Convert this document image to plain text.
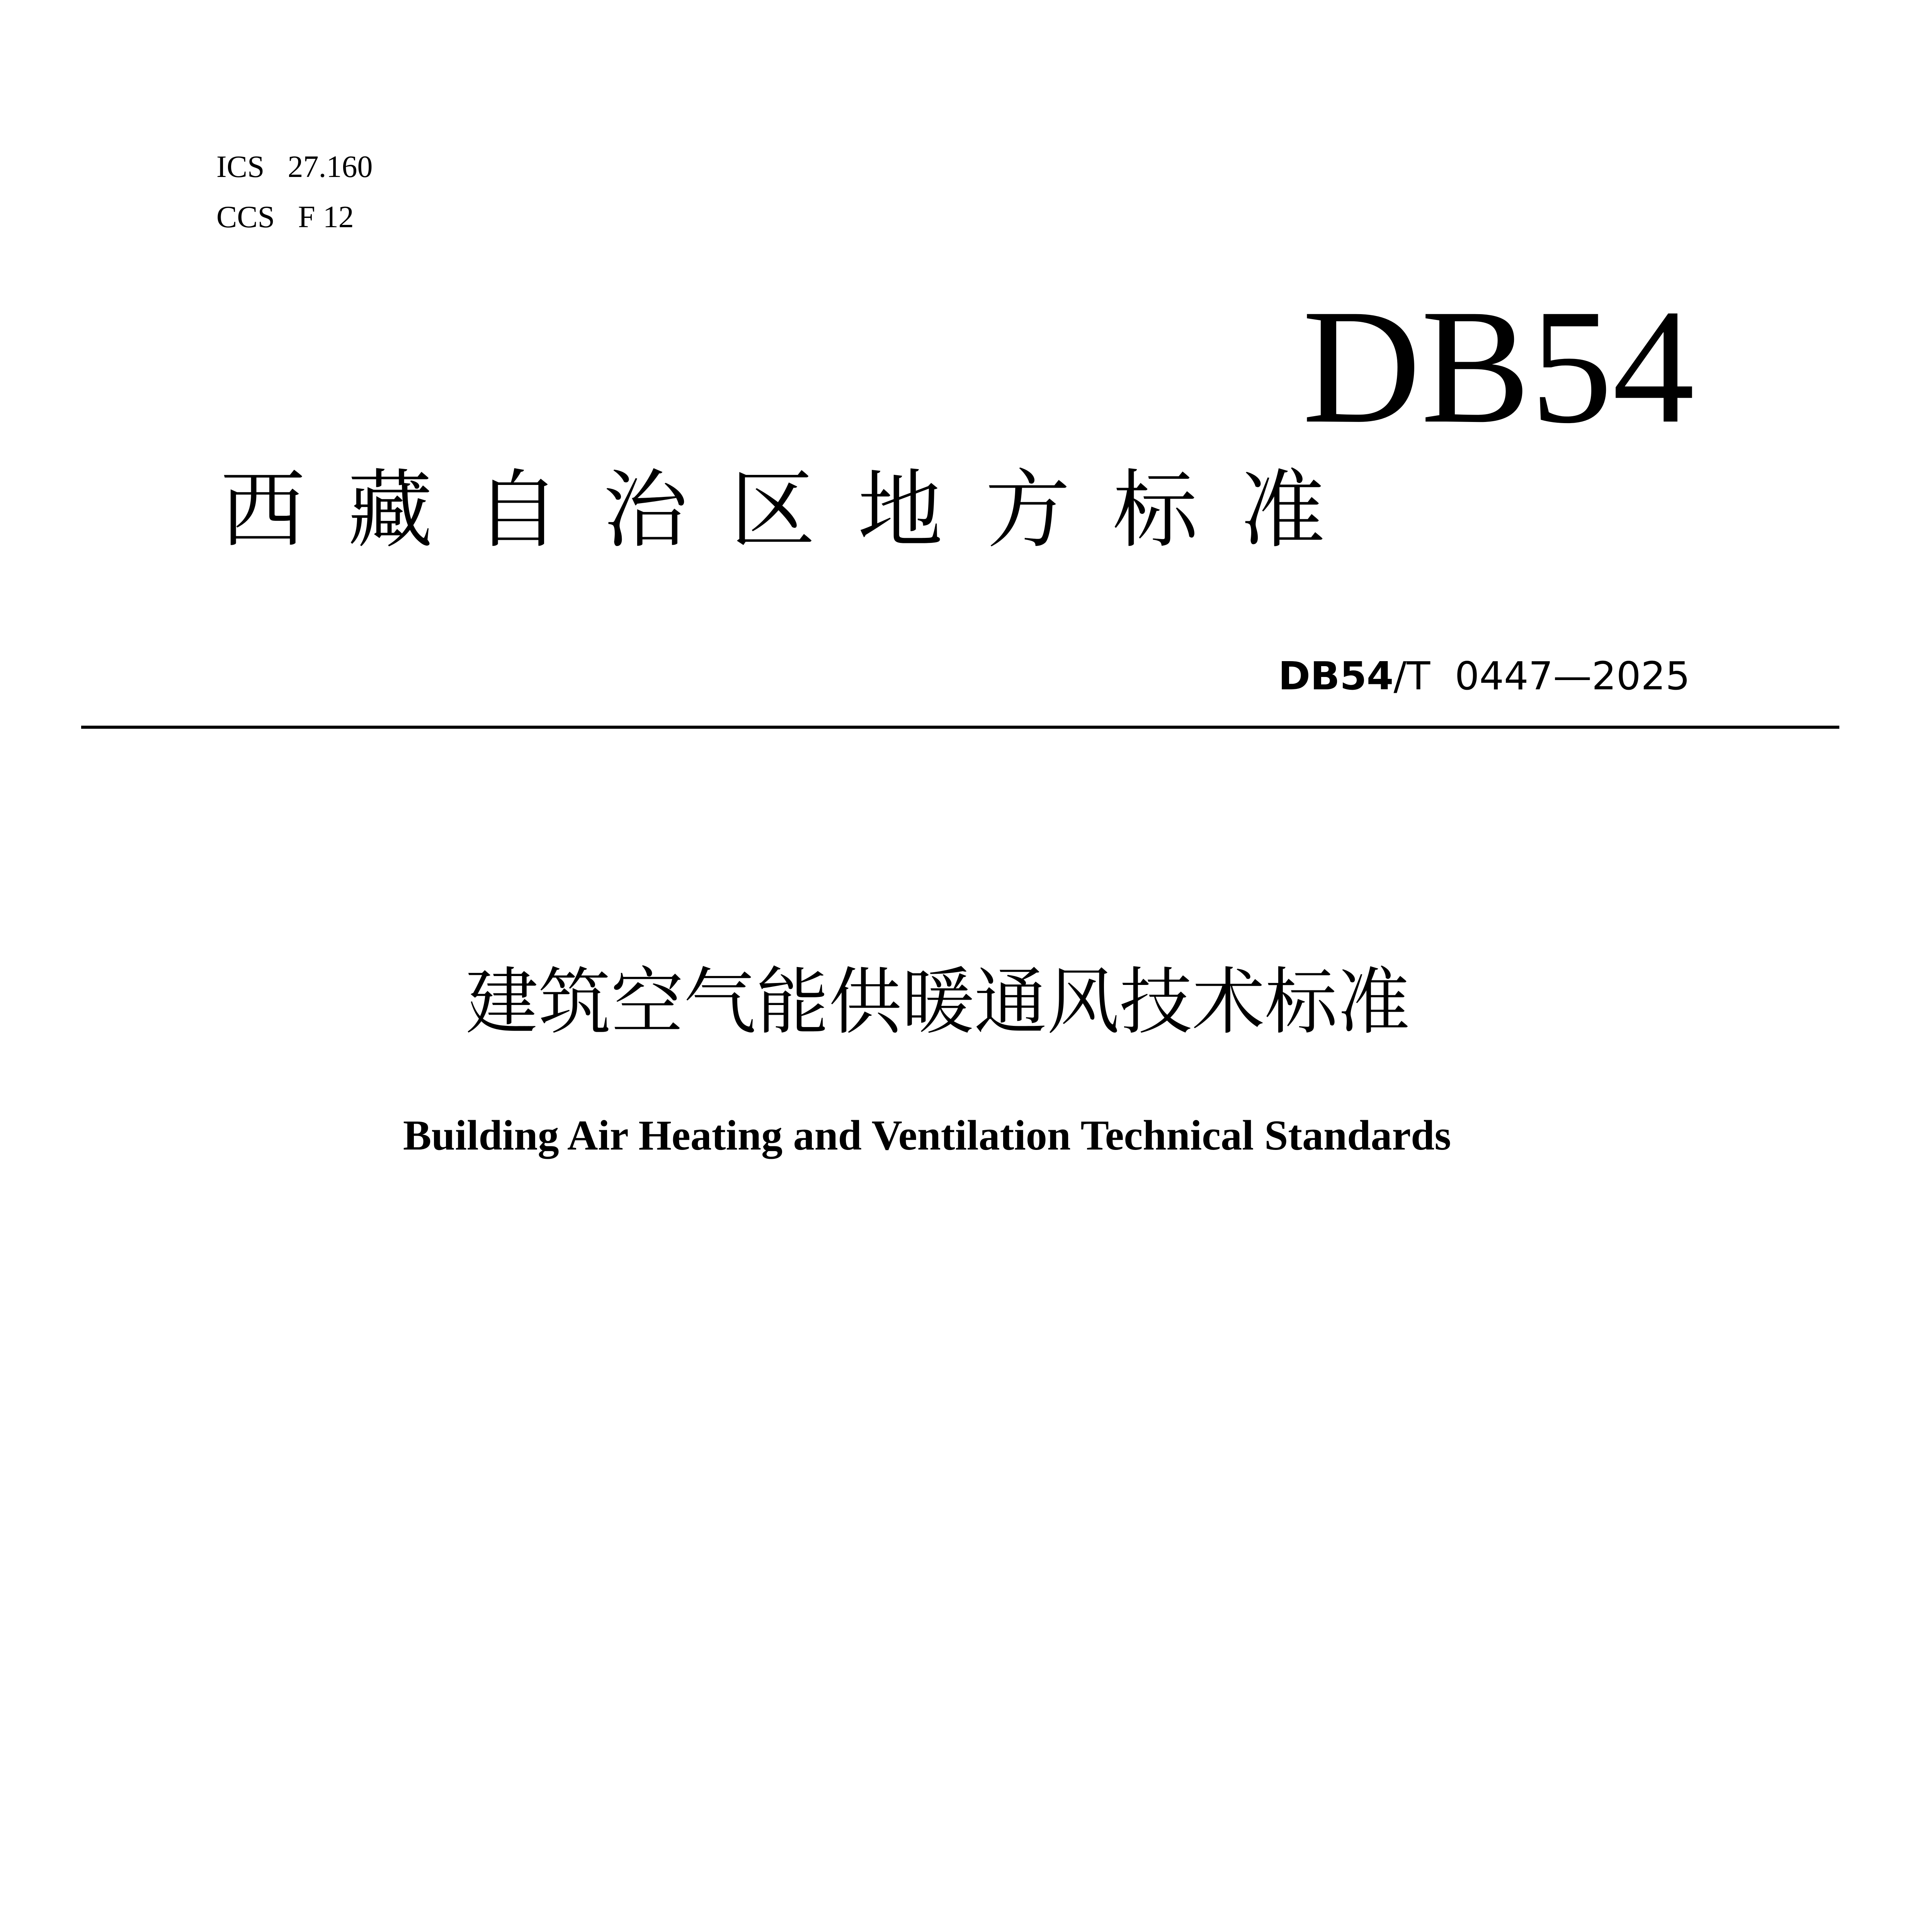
ICS 27.160
CCS F 12
DB54
西 藏 自 治 区 地 方 标 准
DB54/T  0447—2025
建筑空气能供暖通风技术标准
Building Air Heating and Ventilation Technical Standards
